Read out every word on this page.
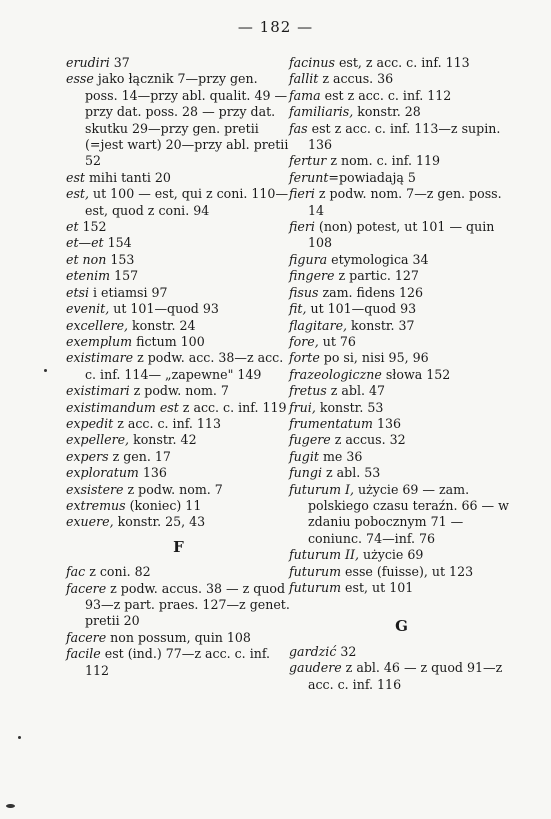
— 182 —

erudiri 37

esse jako łącznik 7—przy gen. poss. 14—przy abl. qualit. 49 — przy dat. poss. 28 — przy dat. skutku 29—przy gen. pretii (=jest wart) 20—przy abl. pretii 52

est mihi tanti 20

est, ut 100 — est, qui z coni. 110—est, quod z coni. 94

et 152

et—et 154

et non 153

etenim 157

etsi i etiamsi 97

evenit, ut 101—quod 93

excellere, konstr. 24

exemplum fictum 100

existimare z podw. acc. 38—z acc. c. inf. 114— „zapewne" 149

existimari z podw. nom. 7

existimandum est z acc. c. inf. 119

expedit z acc. c. inf. 113

expellere, konstr. 42

expers z gen. 17

exploratum 136

exsistere z podw. nom. 7

extremus (koniec) 11

exuere, konstr. 25, 43

F

fac z coni. 82

facere z podw. accus. 38 — z quod 93—z part. praes. 127—z genet. pretii 20

facere non possum, quin 108

facile est (ind.) 77—z acc. c. inf. 112

facinus est, z acc. c. inf. 113

fallit z accus. 36

fama est z acc. c. inf. 112

familiaris, konstr. 28

fas est z acc. c. inf. 113—z supin. 136

fertur z nom. c. inf. 119

ferunt=powiadają 5

fieri z podw. nom. 7—z gen. poss. 14

fieri (non) potest, ut 101 — quin 108

figura etymologica 34

fingere z partic. 127

fisus zam. fidens 126

fit, ut 101—quod 93

flagitare, konstr. 37

fore, ut 76

forte po si, nisi 95, 96

frazeologiczne słowa 152

fretus z abl. 47

frui, konstr. 53

frumentatum 136

fugere z accus. 32

fugit me 36

fungi z abl. 53

futurum I, użycie 69 — zam. polskiego czasu teraźn. 66 — w zdaniu pobocznym 71 —coniunc. 74—inf. 76

futurum II, użycie 69

futurum esse (fuisse), ut 123

futurum est, ut 101

G

gardzić 32

gaudere z abl. 46 — z quod 91—z acc. c. inf. 116
